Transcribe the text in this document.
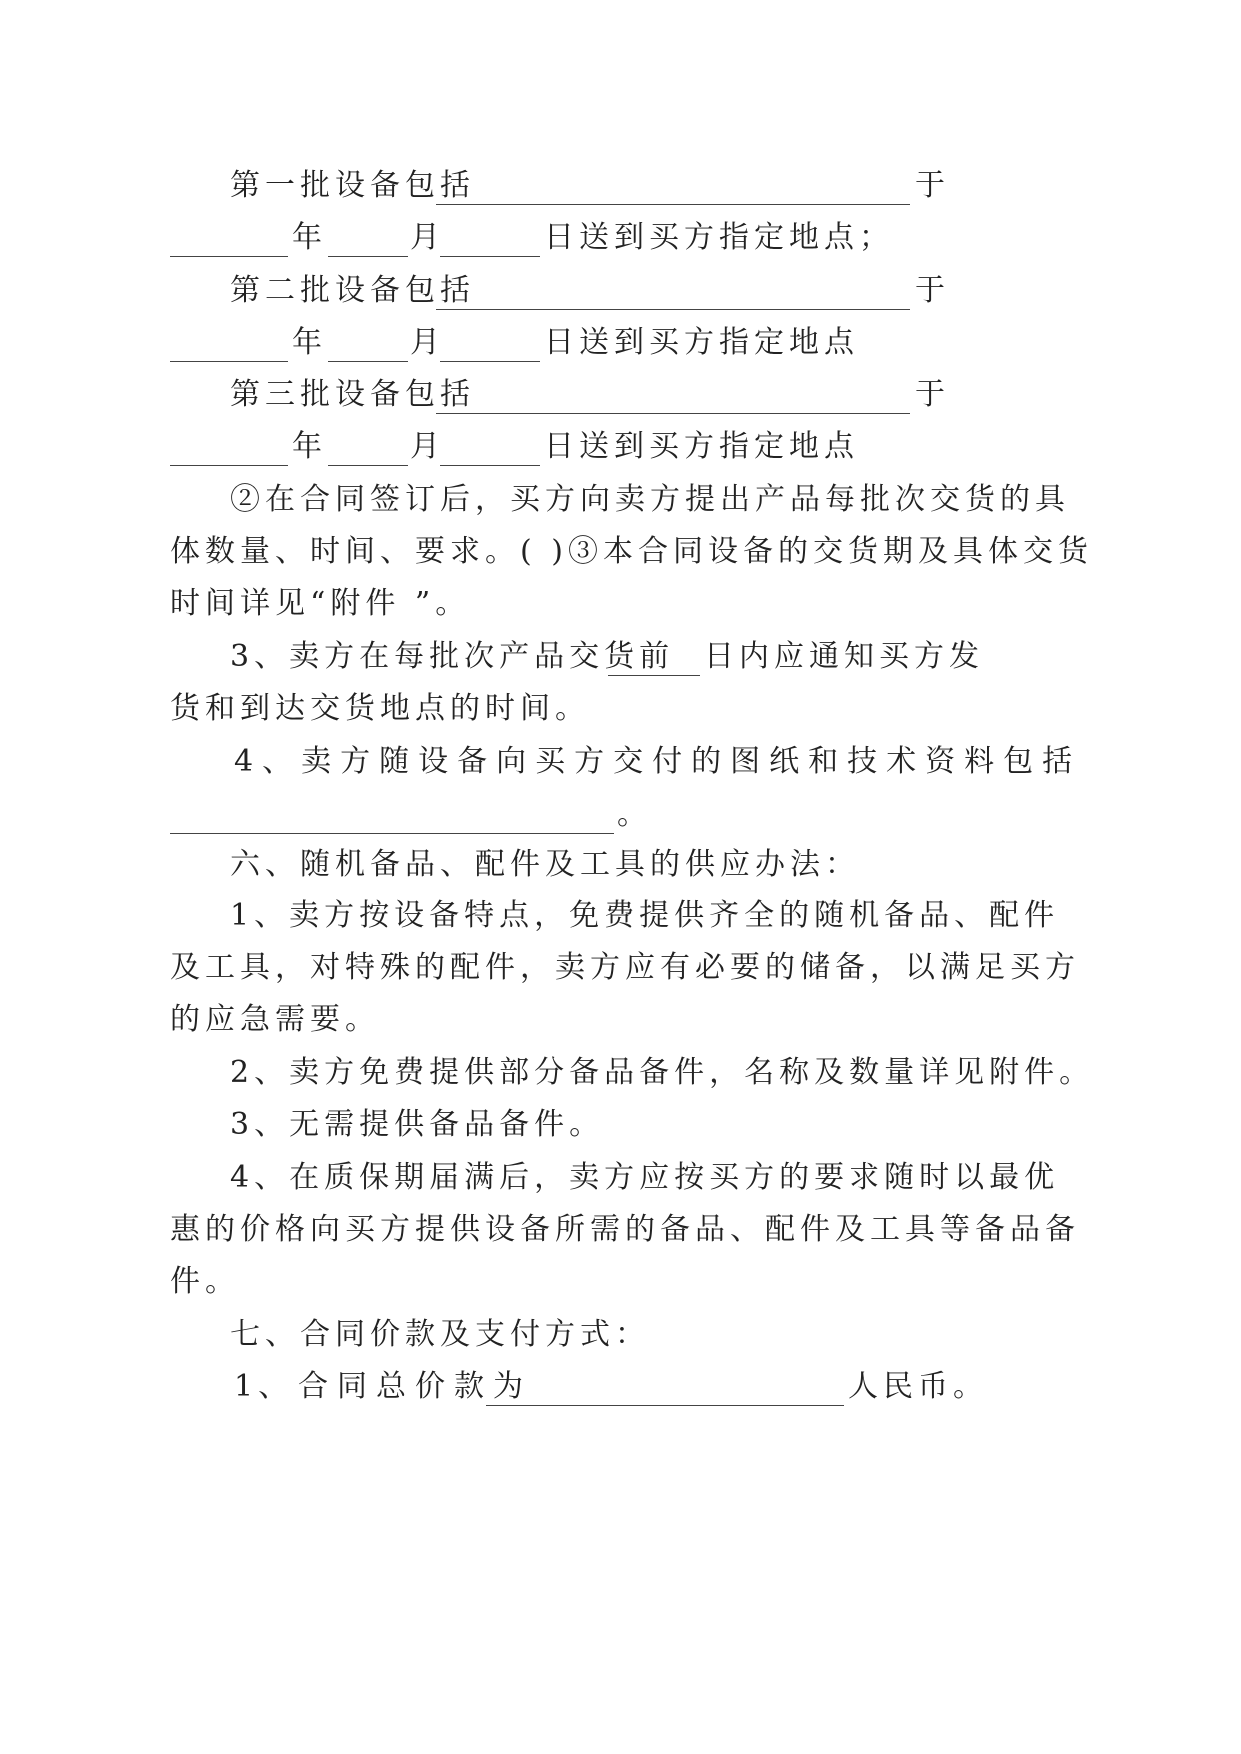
第一批设备包括	于
年	月	日送到买方指定地点；
第二批设备包括	于
年	月	日送到买方指定地点
第三批设备包括	于
年	月	日送到买方指定地点
②在合同签订后，买方向卖方提出产品每批次交货的具
体数量、时间、要求。( )③本合同设备的交货期及具体交货
时间详见“附件 ”。
3、卖方在每批次产品交货前 日内应通知买方发
货和到达交货地点的时间。
4、卖方随设备向买方交付的图纸和技术资料包括
。
六、随机备品、配件及工具的供应办法：
1、卖方按设备特点，免费提供齐全的随机备品、配件
及工具，对特殊的配件，卖方应有必要的储备，以满足买方
的应急需要。
2、卖方免费提供部分备品备件，名称及数量详见附件。
3、无需提供备品备件。
4、在质保期届满后，卖方应按买方的要求随时以最优
惠的价格向买方提供设备所需的备品、配件及工具等备品备
件。
七、合同价款及支付方式：
1、 合同总价款为	人民币。
